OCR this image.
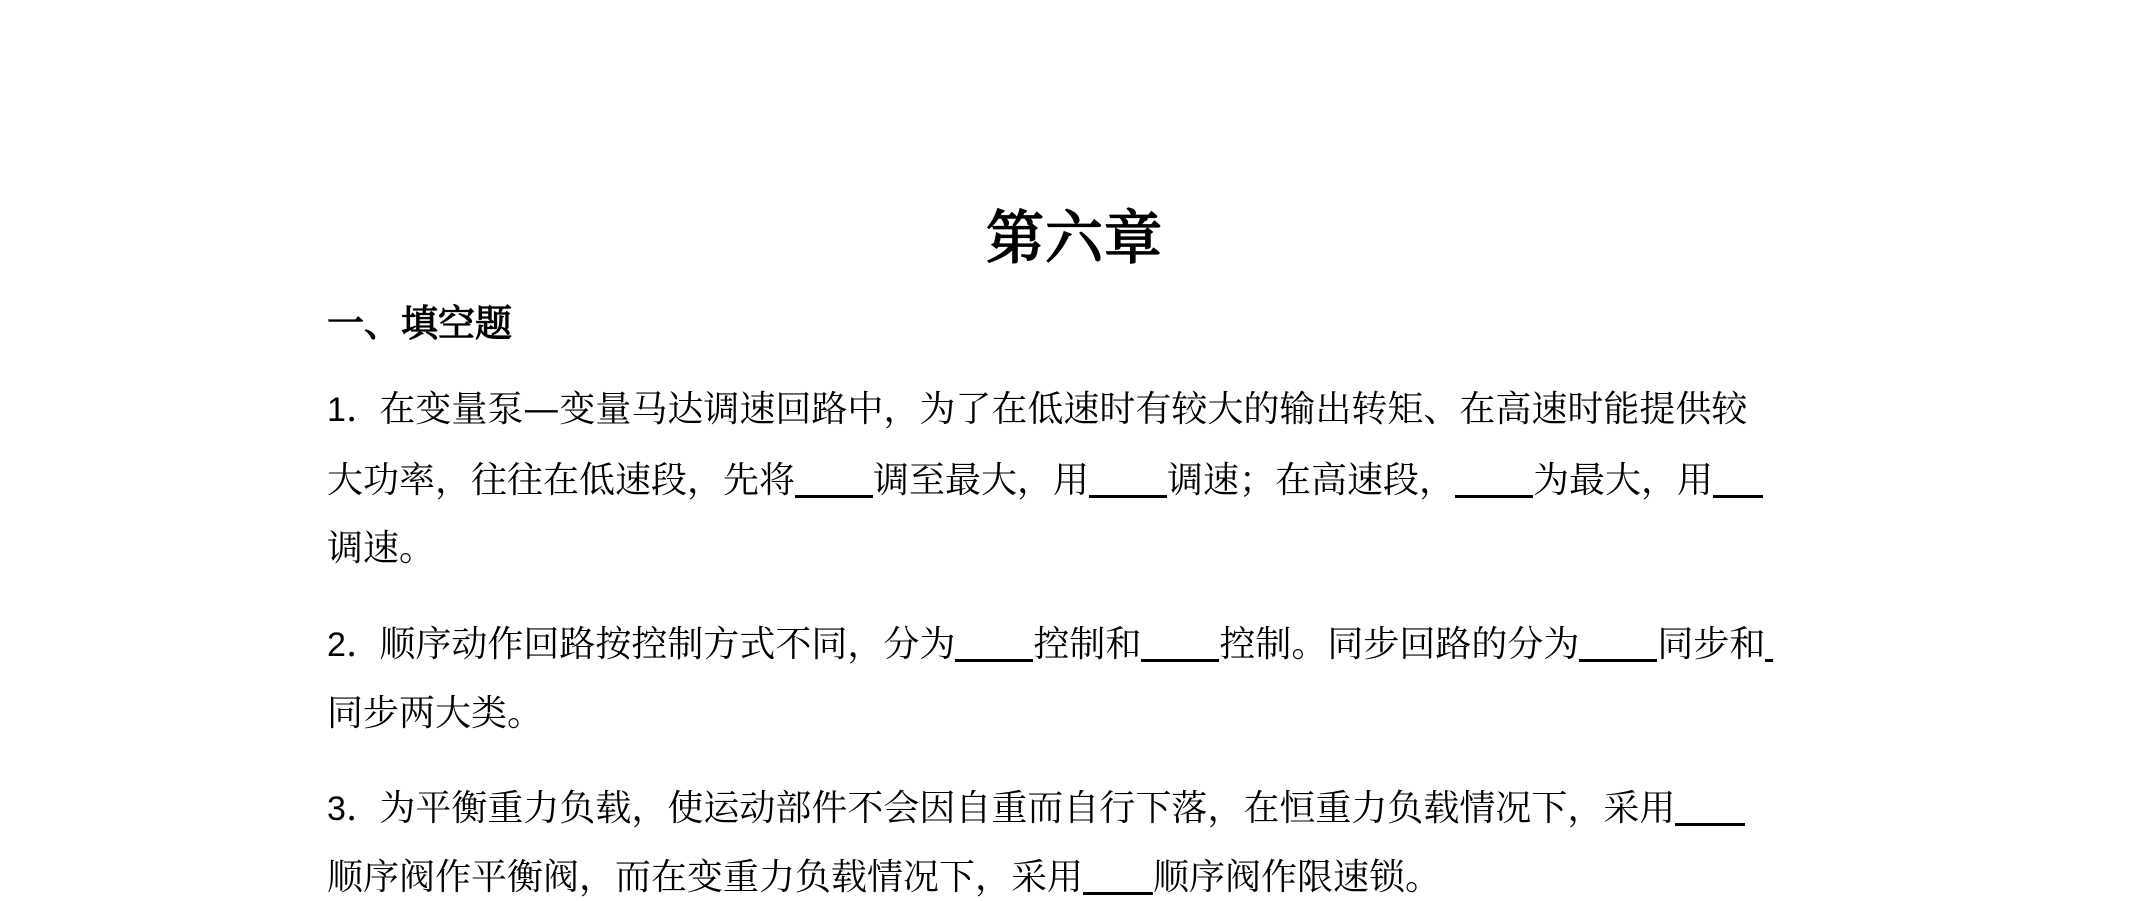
第六章
一、填空题
1. 在变量泵—变量马达调速回路中，为了在低速时有较大的输出转矩、在高速时能提供较
大功率，往往在低速段，先将 调至最大，用 调速；在高速段， 为最大，用
调速。
2. 顺序动作回路按控制方式不同，分为 控制和 控制。同步回路的分为 同步和
同步两大类。
3. 为平衡重力负载，使运动部件不会因自重而自行下落，在恒重力负载情况下，采用
顺序阀作平衡阀，而在变重力负载情况下，采用 顺序阀作限速锁。
